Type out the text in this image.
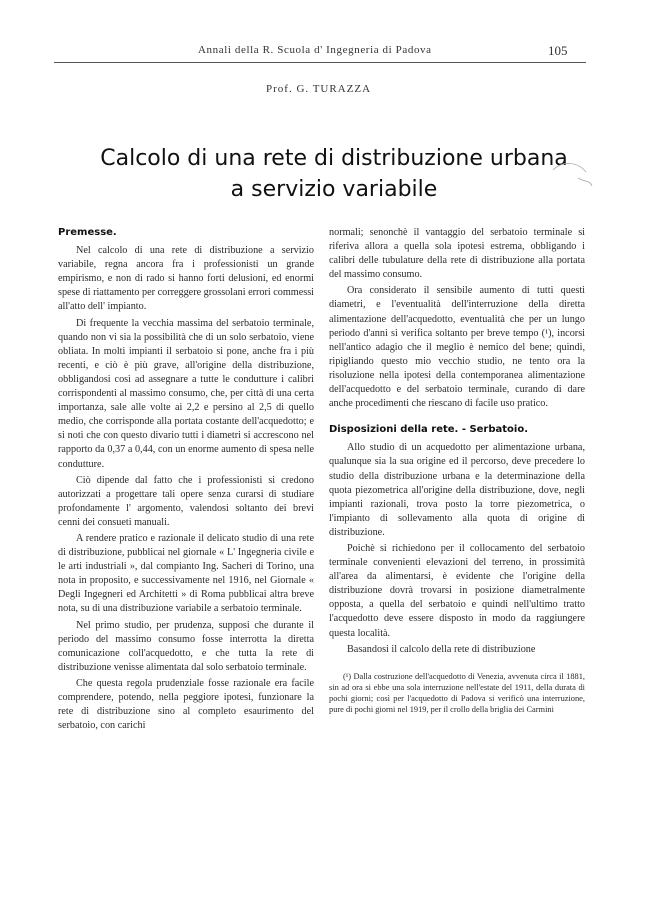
Annali della R. Scuola d' Ingegneria di Padova	105
Prof. G. TURAZZA
Calcolo di una rete di distribuzione urbana
a servizio variabile
Premesse.

Nel calcolo di una rete di distribuzione a servizio variabile, regna ancora fra i professionisti un grande empirismo, e non di rado si hanno forti delusioni, ed enormi spese di riattamento per correggere grossolani errori commessi all'atto dell' impianto.

Di frequente la vecchia massima del serbatoio terminale, quando non vi sia la possibilità che di un solo serbatoio, viene obliata. In molti impianti il serbatoio si pone, anche fra i più recenti, e ciò è più grave, all'origine della distribuzione, obbligandosi così ad assegnare a tutte le condutture i calibri corrispondenti al massimo consumo, che, per città di una certa importanza, sale alle volte ai 2,2 e persino al 2,5 di quello medio, che corrisponde alla portata costante dell'acquedotto; e si noti che con questo divario tutti i diametri si accrescono nel rapporto da 0,37 a 0,44, con un enorme aumento di spesa nelle condutture.

Ciò dipende dal fatto che i professionisti si credono autorizzati a progettare tali opere senza curarsi di studiare profondamente l' argomento, valendosi soltanto dei brevi cenni dei consueti manuali.

A rendere pratico e razionale il delicato studio di una rete di distribuzione, pubblicai nel giornale « L' Ingegneria civile e le arti industriali », dal compianto Ing. Sacheri di Torino, una nota in proposito, e successivamente nel 1916, nel Giornale « Degli Ingegneri ed Architetti » di Roma pubblicai altra breve nota, su di una distribuzione variabile a serbatoio terminale.

Nel primo studio, per prudenza, supposi che durante il periodo del massimo consumo fosse interrotta la diretta comunicazione coll'acquedotto, e che tutta la rete di distribuzione venisse alimentata dal solo serbatoio terminale.

Che questa regola prudenziale fosse razionale era facile comprendere, potendo, nella peggiore ipotesi, funzionare la rete di distribuzione sino al completo esaurimento del serbatoio, con carichi

normali; senonchè il vantaggio del serbatoio terminale si riferiva allora a quella sola ipotesi estrema, obbligando i calibri delle tubulature della rete di distribuzione alla portata del massimo consumo.

Ora considerato il sensibile aumento di tutti questi diametri, e l'eventualità dell'interruzione della diretta alimentazione dell'acquedotto, eventualità che per un lungo periodo d'anni si verifica soltanto per breve tempo (¹), incorsi nell'antico adagio che il meglio è nemico del bene; quindi, ripigliando questo mio vecchio studio, ne tento ora la risoluzione nella ipotesi della contemporanea alimentazione dell'acquedotto e del serbatoio terminale, curando di dare anche procedimenti che riescano di facile uso pratico.

Disposizioni della rete. - Serbatoio.

Allo studio di un acquedotto per alimentazione urbana, qualunque sia la sua origine ed il percorso, deve precedere lo studio della distribuzione urbana e la determinazione della quota piezometrica all'origine della distribuzione, dove, negli impianti razionali, trova posto la torre piezometrica, o l'impianto di sollevamento alla quota di origine di distribuzione.

Poichè si richiedono per il collocamento del serbatoio terminale convenienti elevazioni del terreno, in prossimità all'area da alimentarsi, è evidente che l'origine della distribuzione dovrà trovarsi in posizione diametralmente opposta, a quella del serbatoio e quindi nell'ultimo tratto l'acquedotto deve essere disposto in modo da raggiungere questa località.

Basandosi il calcolo della rete di distribuzione

(¹) Dalla costruzione dell'acquedotto di Venezia, avvenuta circa il 1881, sin ad ora si ebbe una sola interruzione nell'estate del 1911, della durata di pochi giorni; così per l'acquedotto di Padova si verificò una interruzione, pure di pochi giorni nel 1919, per il crollo della briglia dei Carmini
